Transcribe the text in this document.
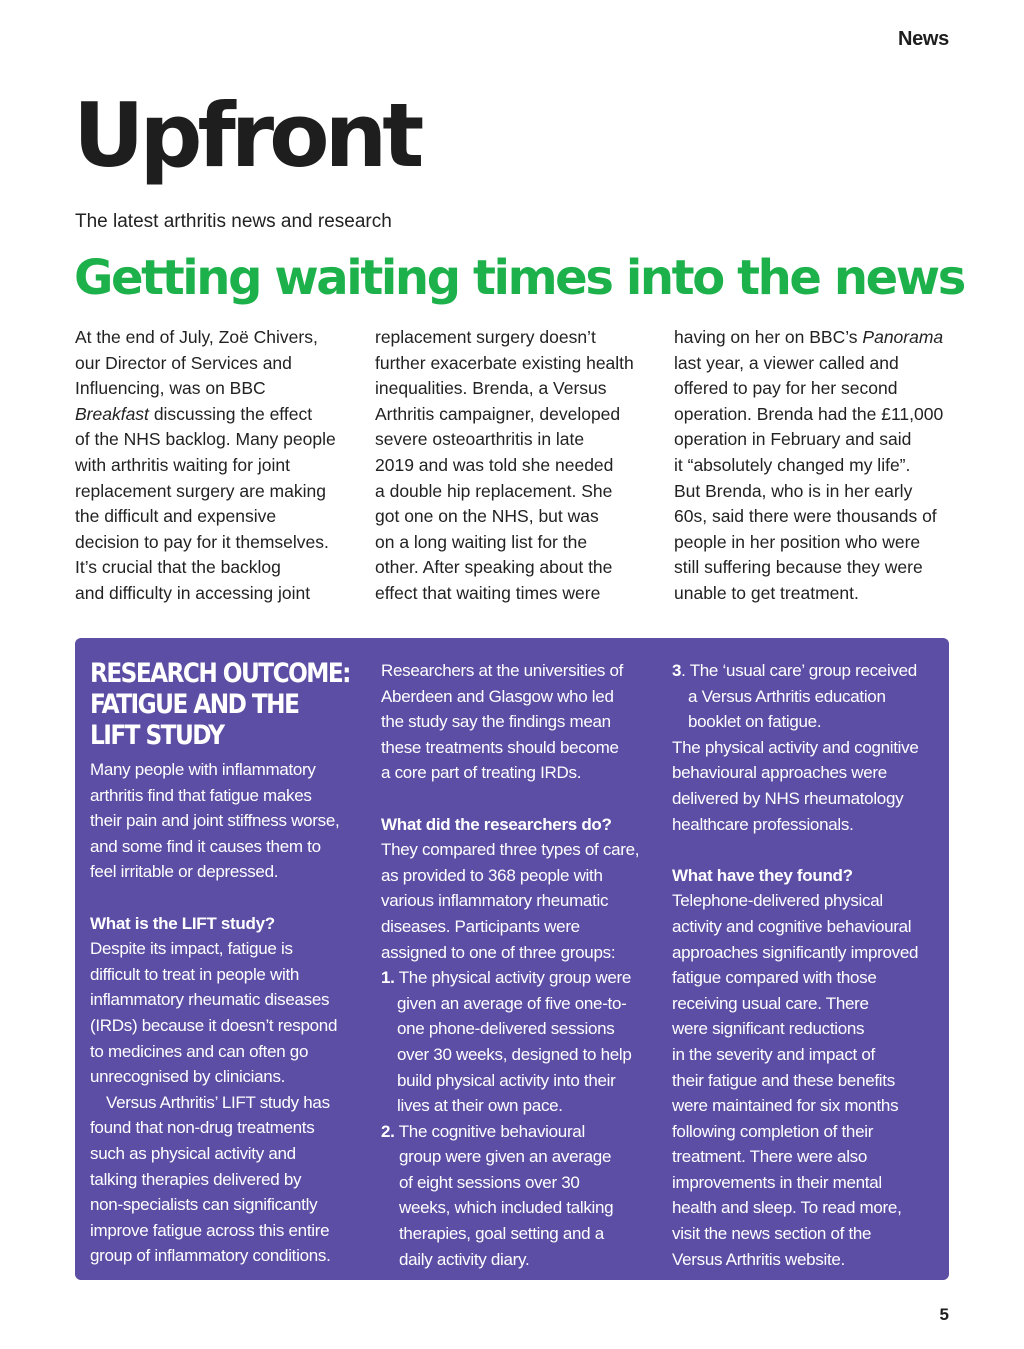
News
Upfront
The latest arthritis news and research
Getting waiting times into the news
At the end of July, Zoë Chivers,
our Director of Services and
Influencing, was on BBC
Breakfast discussing the effect
of the NHS backlog. Many people
with arthritis waiting for joint
replacement surgery are making
the difficult and expensive
decision to pay for it themselves.
It’s crucial that the backlog
and difficulty in accessing joint
replacement surgery doesn’t
further exacerbate existing health
inequalities. Brenda, a Versus
Arthritis campaigner, developed
severe osteoarthritis in late
2019 and was told she needed
a double hip replacement. She
got one on the NHS, but was
on a long waiting list for the
other. After speaking about the
effect that waiting times were
having on her on BBC’s Panorama
last year, a viewer called and
offered to pay for her second
operation. Brenda had the £11,000
operation in February and said
it “absolutely changed my life”.
But Brenda, who is in her early
60s, said there were thousands of
people in her position who were
still suffering because they were
unable to get treatment.
RESEARCH OUTCOME:
FATIGUE AND THE
LIFT STUDY
Many people with inflammatory
arthritis find that fatigue makes
their pain and joint stiffness worse,
and some find it causes them to
feel irritable or depressed.
What is the LIFT study?
Despite its impact, fatigue is
difficult to treat in people with
inflammatory rheumatic diseases
(IRDs) because it doesn’t respond
to medicines and can often go
unrecognised by clinicians.
Versus Arthritis’ LIFT study has
found that non-drug treatments
such as physical activity and
talking therapies delivered by
non-specialists can significantly
improve fatigue across this entire
group of inflammatory conditions.
Researchers at the universities of
Aberdeen and Glasgow who led
the study say the findings mean
these treatments should become
a core part of treating IRDs.
What did the researchers do?
They compared three types of care,
as provided to 368 people with
various inflammatory rheumatic
diseases. Participants were
assigned to one of three groups:
1. The physical activity group were
given an average of five one-to-
one phone-delivered sessions
over 30 weeks, designed to help
build physical activity into their
lives at their own pace.
2. The cognitive behavioural
group were given an average
of eight sessions over 30
weeks, which included talking
therapies, goal setting and a
daily activity diary.
3. The ‘usual care’ group received
a Versus Arthritis education
booklet on fatigue.
The physical activity and cognitive
behavioural approaches were
delivered by NHS rheumatology
healthcare professionals.
What have they found?
Telephone-delivered physical
activity and cognitive behavioural
approaches significantly improved
fatigue compared with those
receiving usual care. There
were significant reductions
in the severity and impact of
their fatigue and these benefits
were maintained for six months
following completion of their
treatment. There were also
improvements in their mental
health and sleep. To read more,
visit the news section of the
Versus Arthritis website.
5
